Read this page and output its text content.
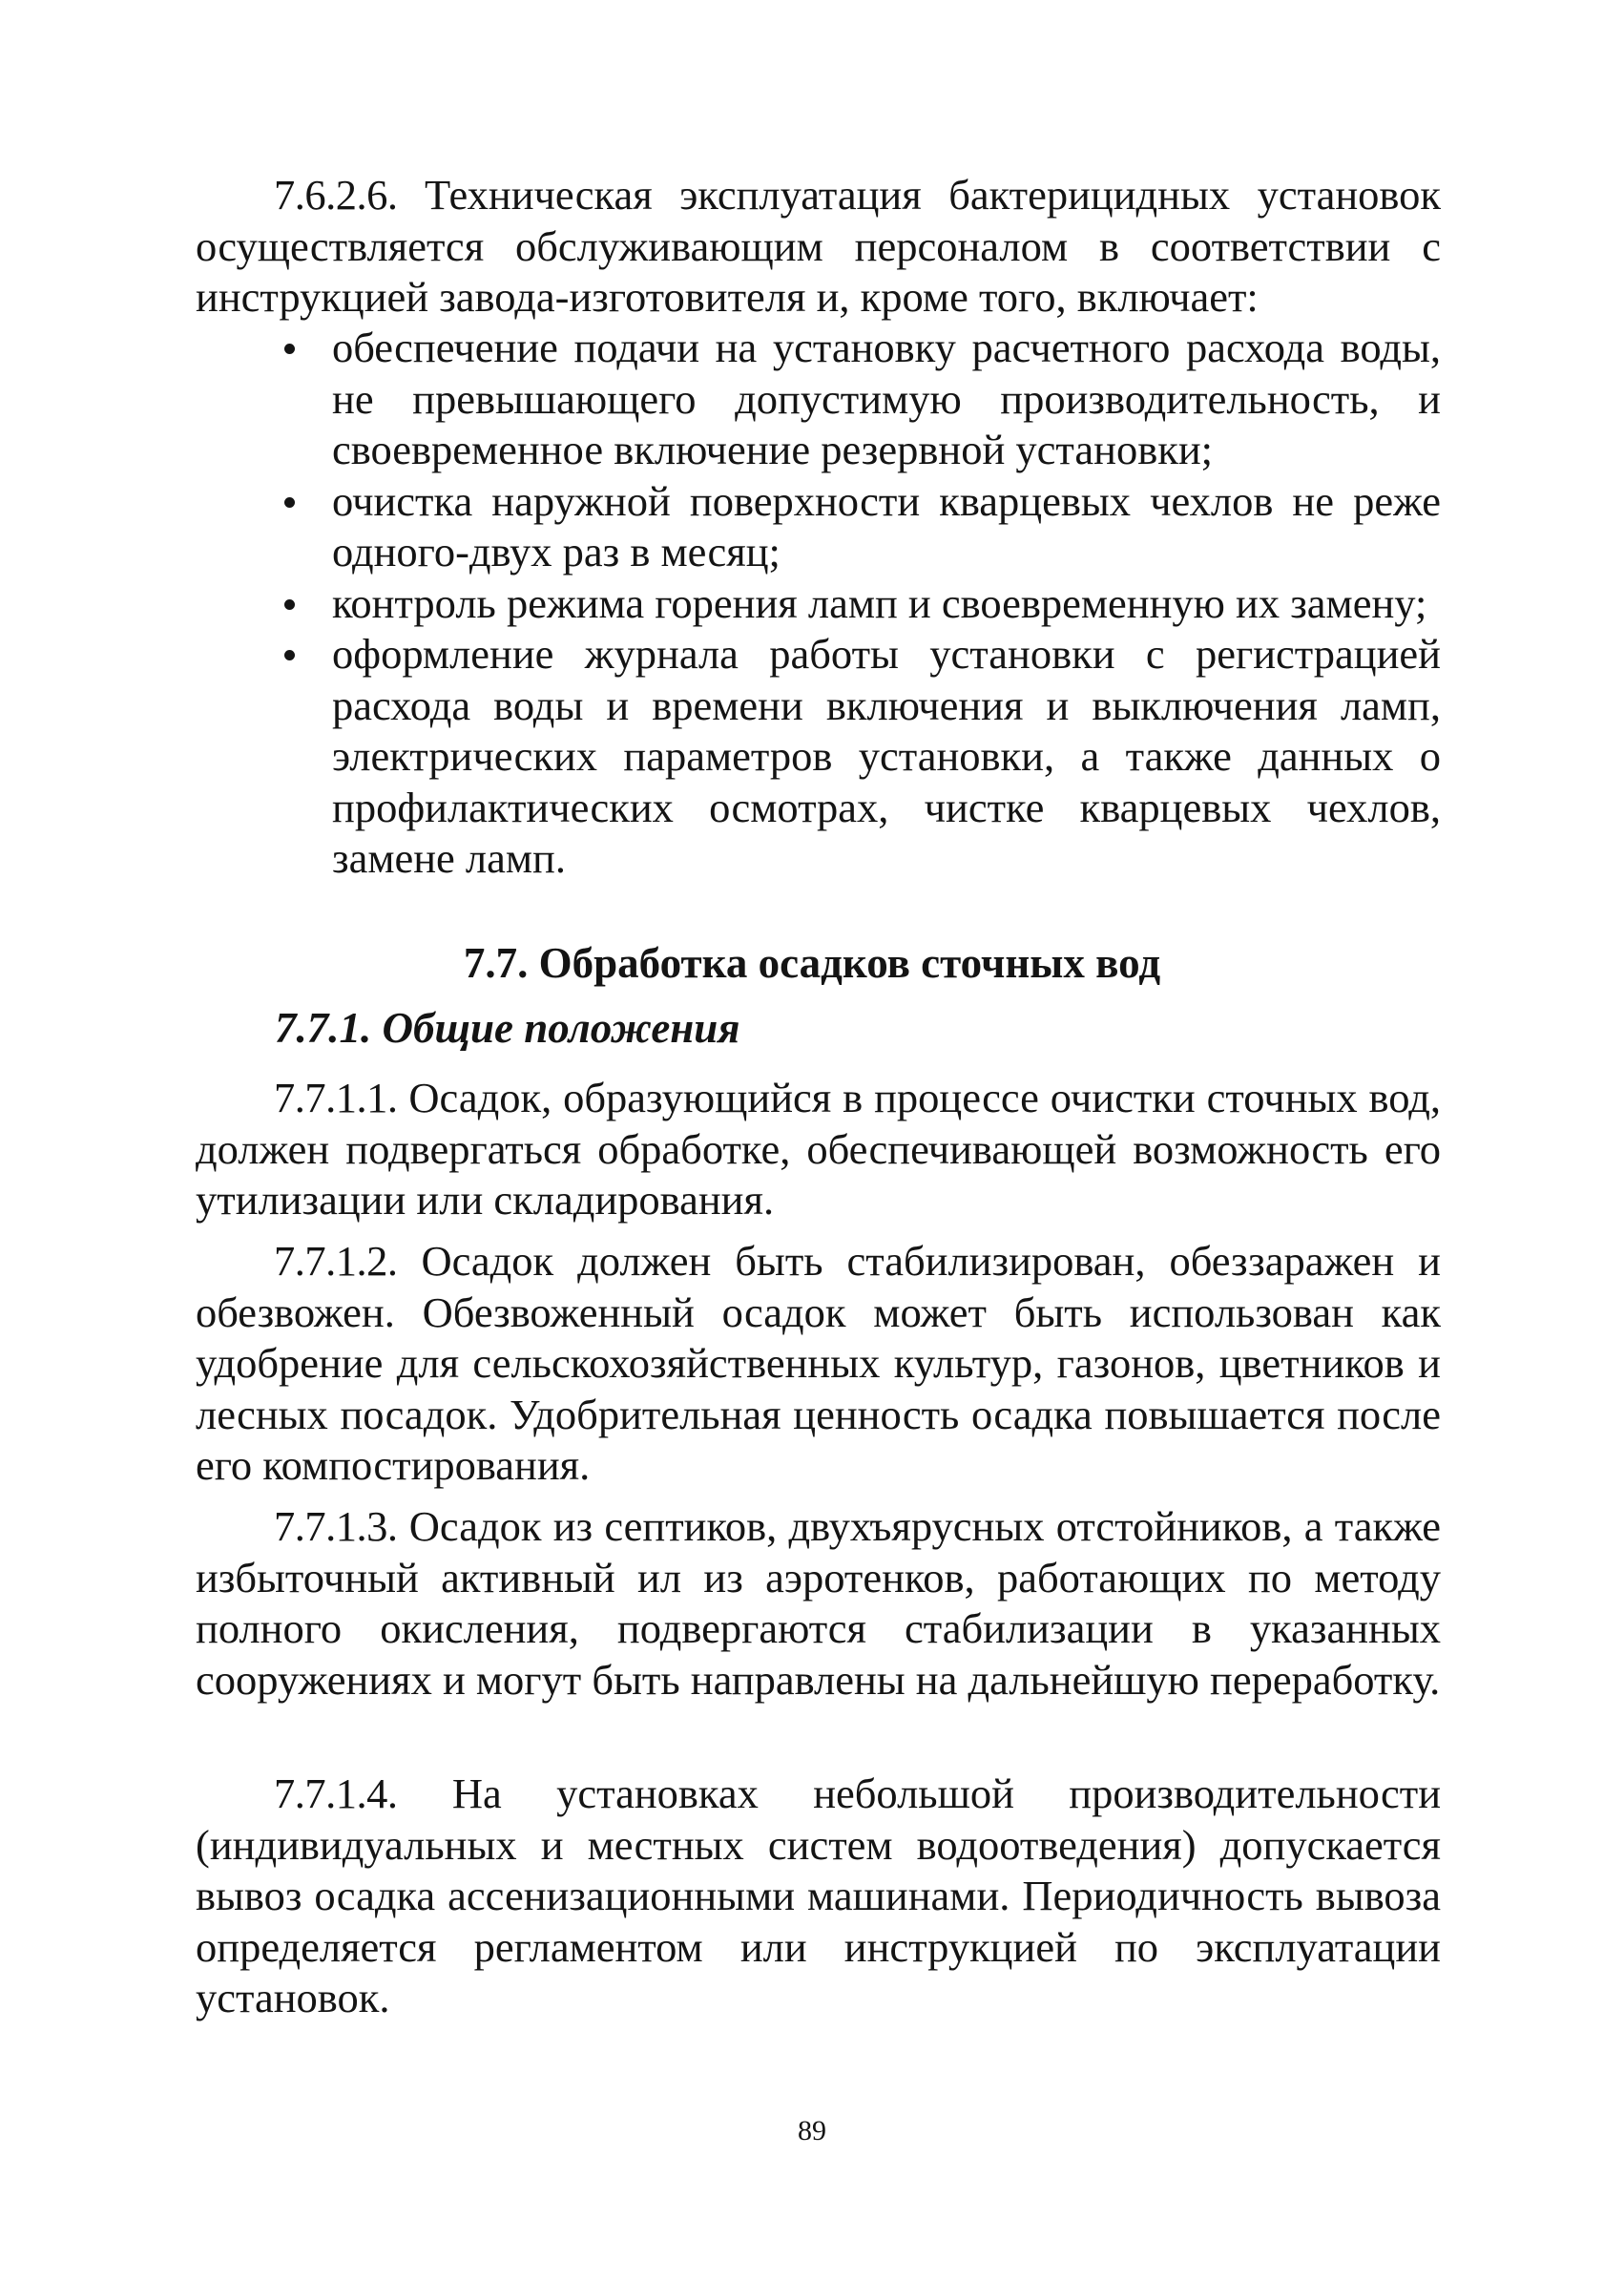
7.6.2.6. Техническая эксплуатация бактерицидных установок осуществляется обслуживающим персоналом в соответствии с инструкцией завода-изготовителя и, кроме того, включает:

обеспечение подачи на установку расчетного расхода воды, не превышающего допустимую производительность, и своевременное включение резервной установки;
очистка наружной поверхности кварцевых чехлов не реже одного-двух раз в месяц;
контроль режима горения ламп и своевременную их замену;
оформление журнала работы установки с регистрацией расхода воды и времени включения и выключения ламп, электрических параметров установки, а также данных о профилактических осмотрах, чистке кварцевых чехлов, замене ламп.
7.7. Обработка осадков сточных вод
7.7.1. Общие положения

7.7.1.1. Осадок, образующийся в процессе очистки сточных вод, должен подвергаться обработке, обеспечивающей возможность его утилизации или складирования.

7.7.1.2. Осадок должен быть стабилизирован, обеззаражен и обезвожен. Обезвоженный осадок может быть использован как удобрение для сельскохозяйственных культур, газонов, цветников и лесных посадок. Удобрительная ценность осадка повышается после его компостирования.

7.7.1.3. Осадок из септиков, двухъярусных отстойников, а также избыточный активный ил из аэротенков, работающих по методу полного окисления, подвергаются стабилизации в указанных сооружениях и могут быть направлены на дальнейшую переработку.

7.7.1.4. На установках небольшой производительности (индивидуальных и местных систем водоотведения) допускается вывоз осадка ассенизационными машинами. Периодичность вывоза определяется регламентом или инструкцией по эксплуатации установок.

89
